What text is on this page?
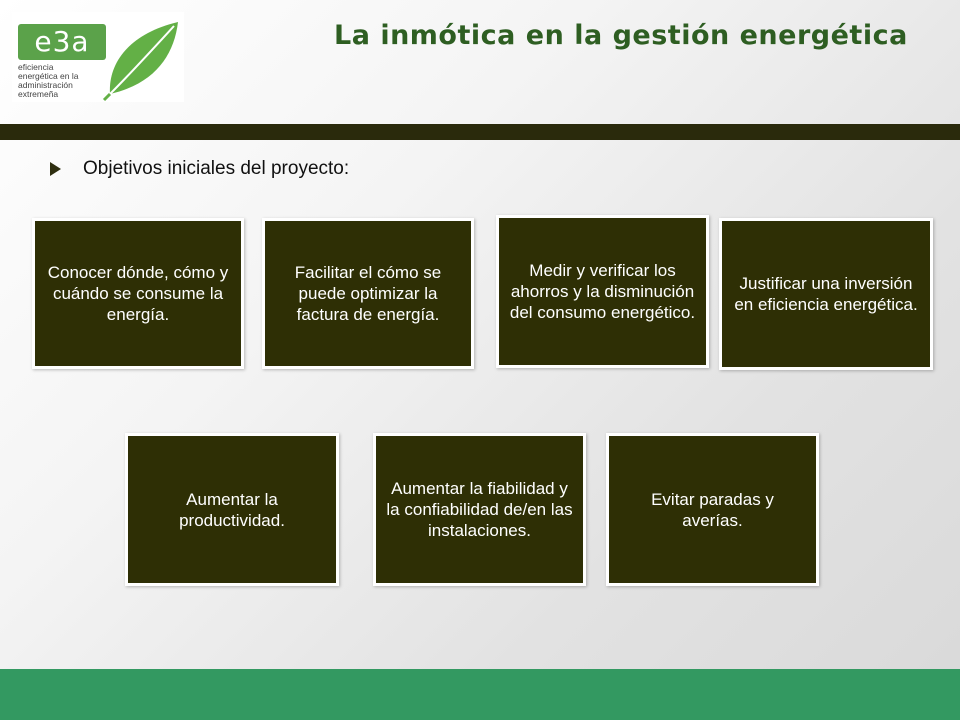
e3a
eficiencia
energética en la
administración
extremeña
La inmótica en la gestión energética
Objetivos iniciales del proyecto:
Conocer dónde, cómo y cuándo se consume la energía.
Facilitar el cómo se puede optimizar la factura de energía.
Medir y verificar los ahorros y la disminución del consumo energético.
Justificar una inversión en eficiencia energética.
Aumentar la productividad.
Aumentar la fiabilidad y la confiabilidad de/en las instalaciones.
Evitar paradas y averías.
